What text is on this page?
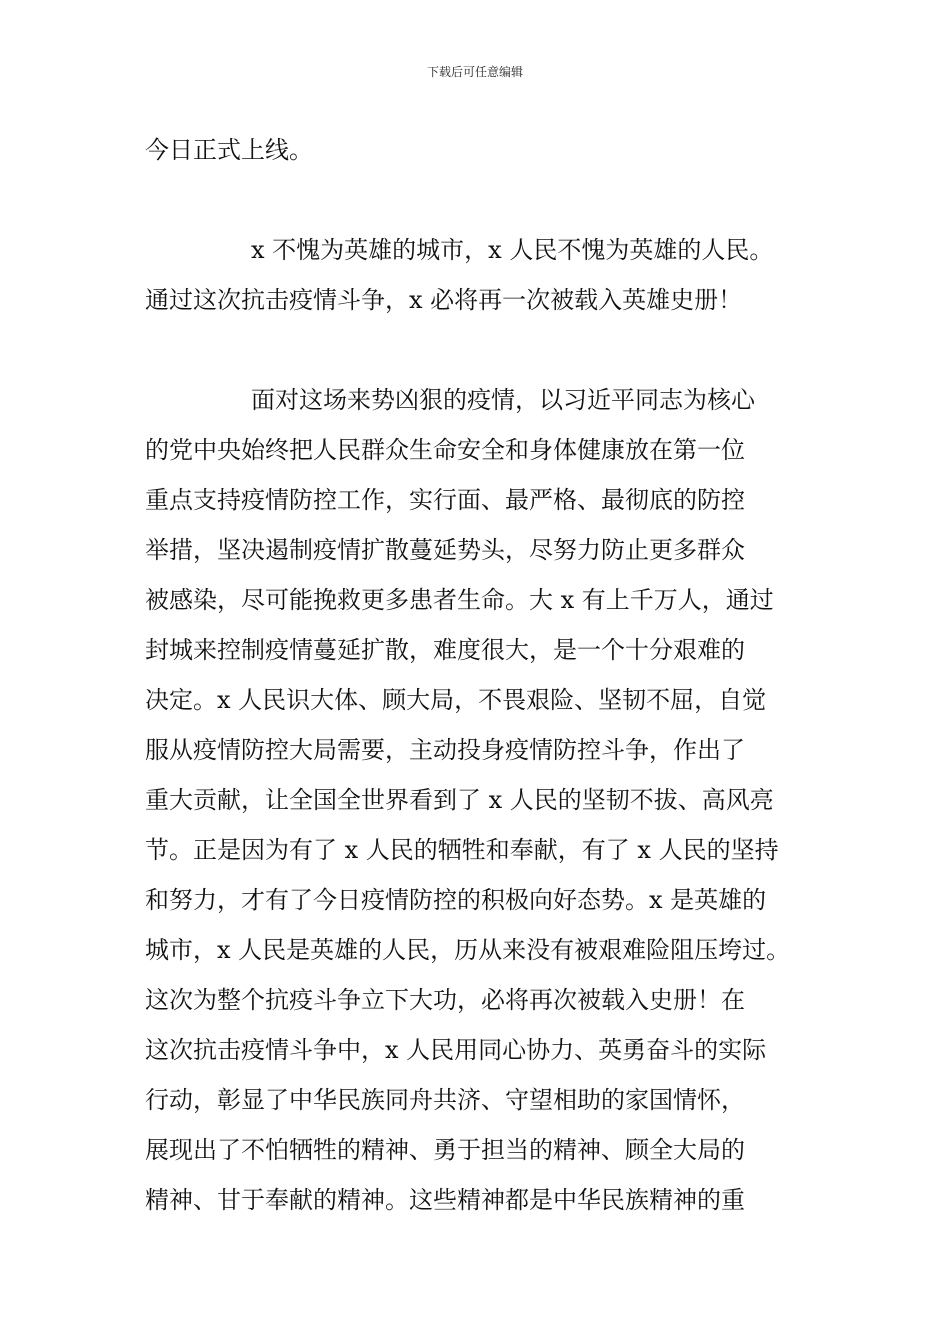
下载后可任意编辑
今日正式上线。
x 不愧为英雄的城市，x 人民不愧为英雄的人民。
通过这次抗击疫情斗争，x 必将再一次被载入英雄史册！
面对这场来势凶狠的疫情，以习近平同志为核心
的党中央始终把人民群众生命安全和身体健康放在第一位
重点支持疫情防控工作，实行面、最严格、最彻底的防控
举措，坚决遏制疫情扩散蔓延势头，尽努力防止更多群众
被感染，尽可能挽救更多患者生命。大 x 有上千万人，通过
封城来控制疫情蔓延扩散，难度很大，是一个十分艰难的
决定。x 人民识大体、顾大局，不畏艰险、坚韧不屈，自觉
服从疫情防控大局需要，主动投身疫情防控斗争，作出了
重大贡献，让全国全世界看到了 x 人民的坚韧不拔、高风亮
节。正是因为有了 x 人民的牺牲和奉献，有了 x 人民的坚持
和努力，才有了今日疫情防控的积极向好态势。x 是英雄的
城市，x 人民是英雄的人民，历从来没有被艰难险阻压垮过。
这次为整个抗疫斗争立下大功，必将再次被载入史册！在
这次抗击疫情斗争中，x 人民用同心协力、英勇奋斗的实际
行动，彰显了中华民族同舟共济、守望相助的家国情怀，
展现出了不怕牺牲的精神、勇于担当的精神、顾全大局的
精神、甘于奉献的精神。这些精神都是中华民族精神的重
